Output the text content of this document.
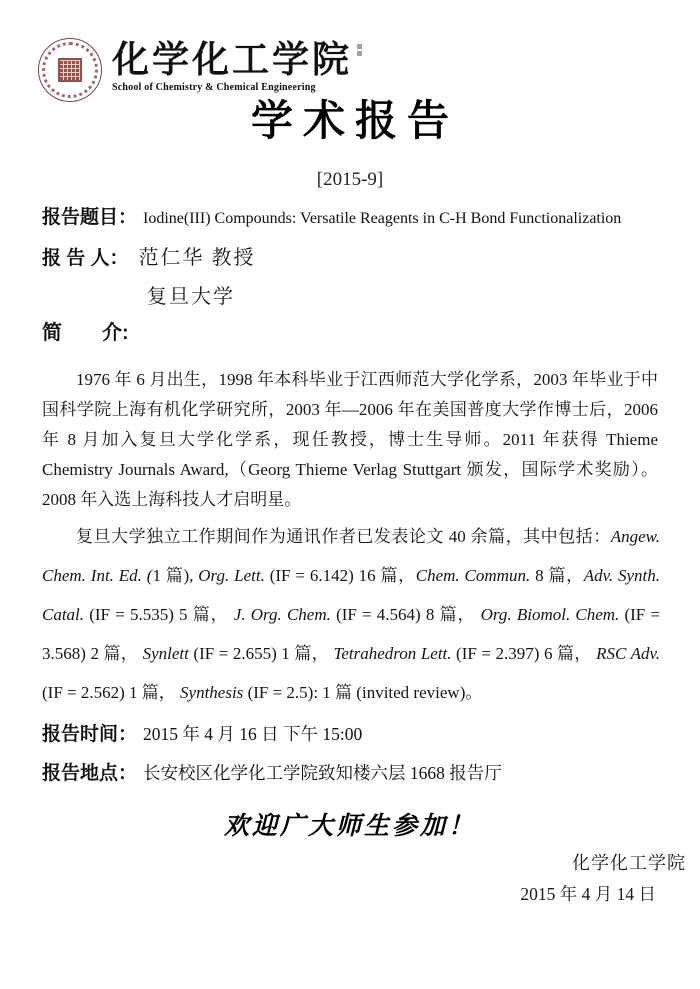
化学化工学院
School of Chemistry & Chemical Engineering
学术报告
[2015-9]
报告题目： Iodine(III) Compounds: Versatile Reagents in C-H Bond Functionalization
报 告 人： 范仁华 教授
复旦大学
简　　介:

1976 年 6 月出生，1998 年本科毕业于江西师范大学化学系，2003 年毕业于中国科学院上海有机化学研究所，2003 年—2006 年在美国普度大学作博士后，2006 年 8 月加入复旦大学化学系，现任教授，博士生导师。2011 年获得 Thieme Chemistry Journals Award,（Georg Thieme Verlag Stuttgart 颁发，国际学术奖励）。2008 年入选上海科技人才启明星。

复旦大学独立工作期间作为通讯作者已发表论文 40 余篇，其中包括：Angew. Chem. Int. Ed. (1 篇), Org. Lett. (IF = 6.142) 16 篇，Chem. Commun. 8 篇，Adv. Synth. Catal. (IF = 5.535) 5 篇， J. Org. Chem. (IF = 4.564) 8 篇， Org. Biomol. Chem. (IF = 3.568) 2 篇， Synlett (IF = 2.655) 1 篇， Tetrahedron Lett. (IF = 2.397) 6 篇， RSC Adv. (IF = 2.562) 1 篇， Synthesis (IF = 2.5): 1 篇 (invited review)。

报告时间： 2015 年 4 月 16 日 下午 15:00
报告地点： 长安校区化学化工学院致知楼六层 1668 报告厅
欢迎广大师生参加！
化学化工学院
2015 年 4 月 14 日
